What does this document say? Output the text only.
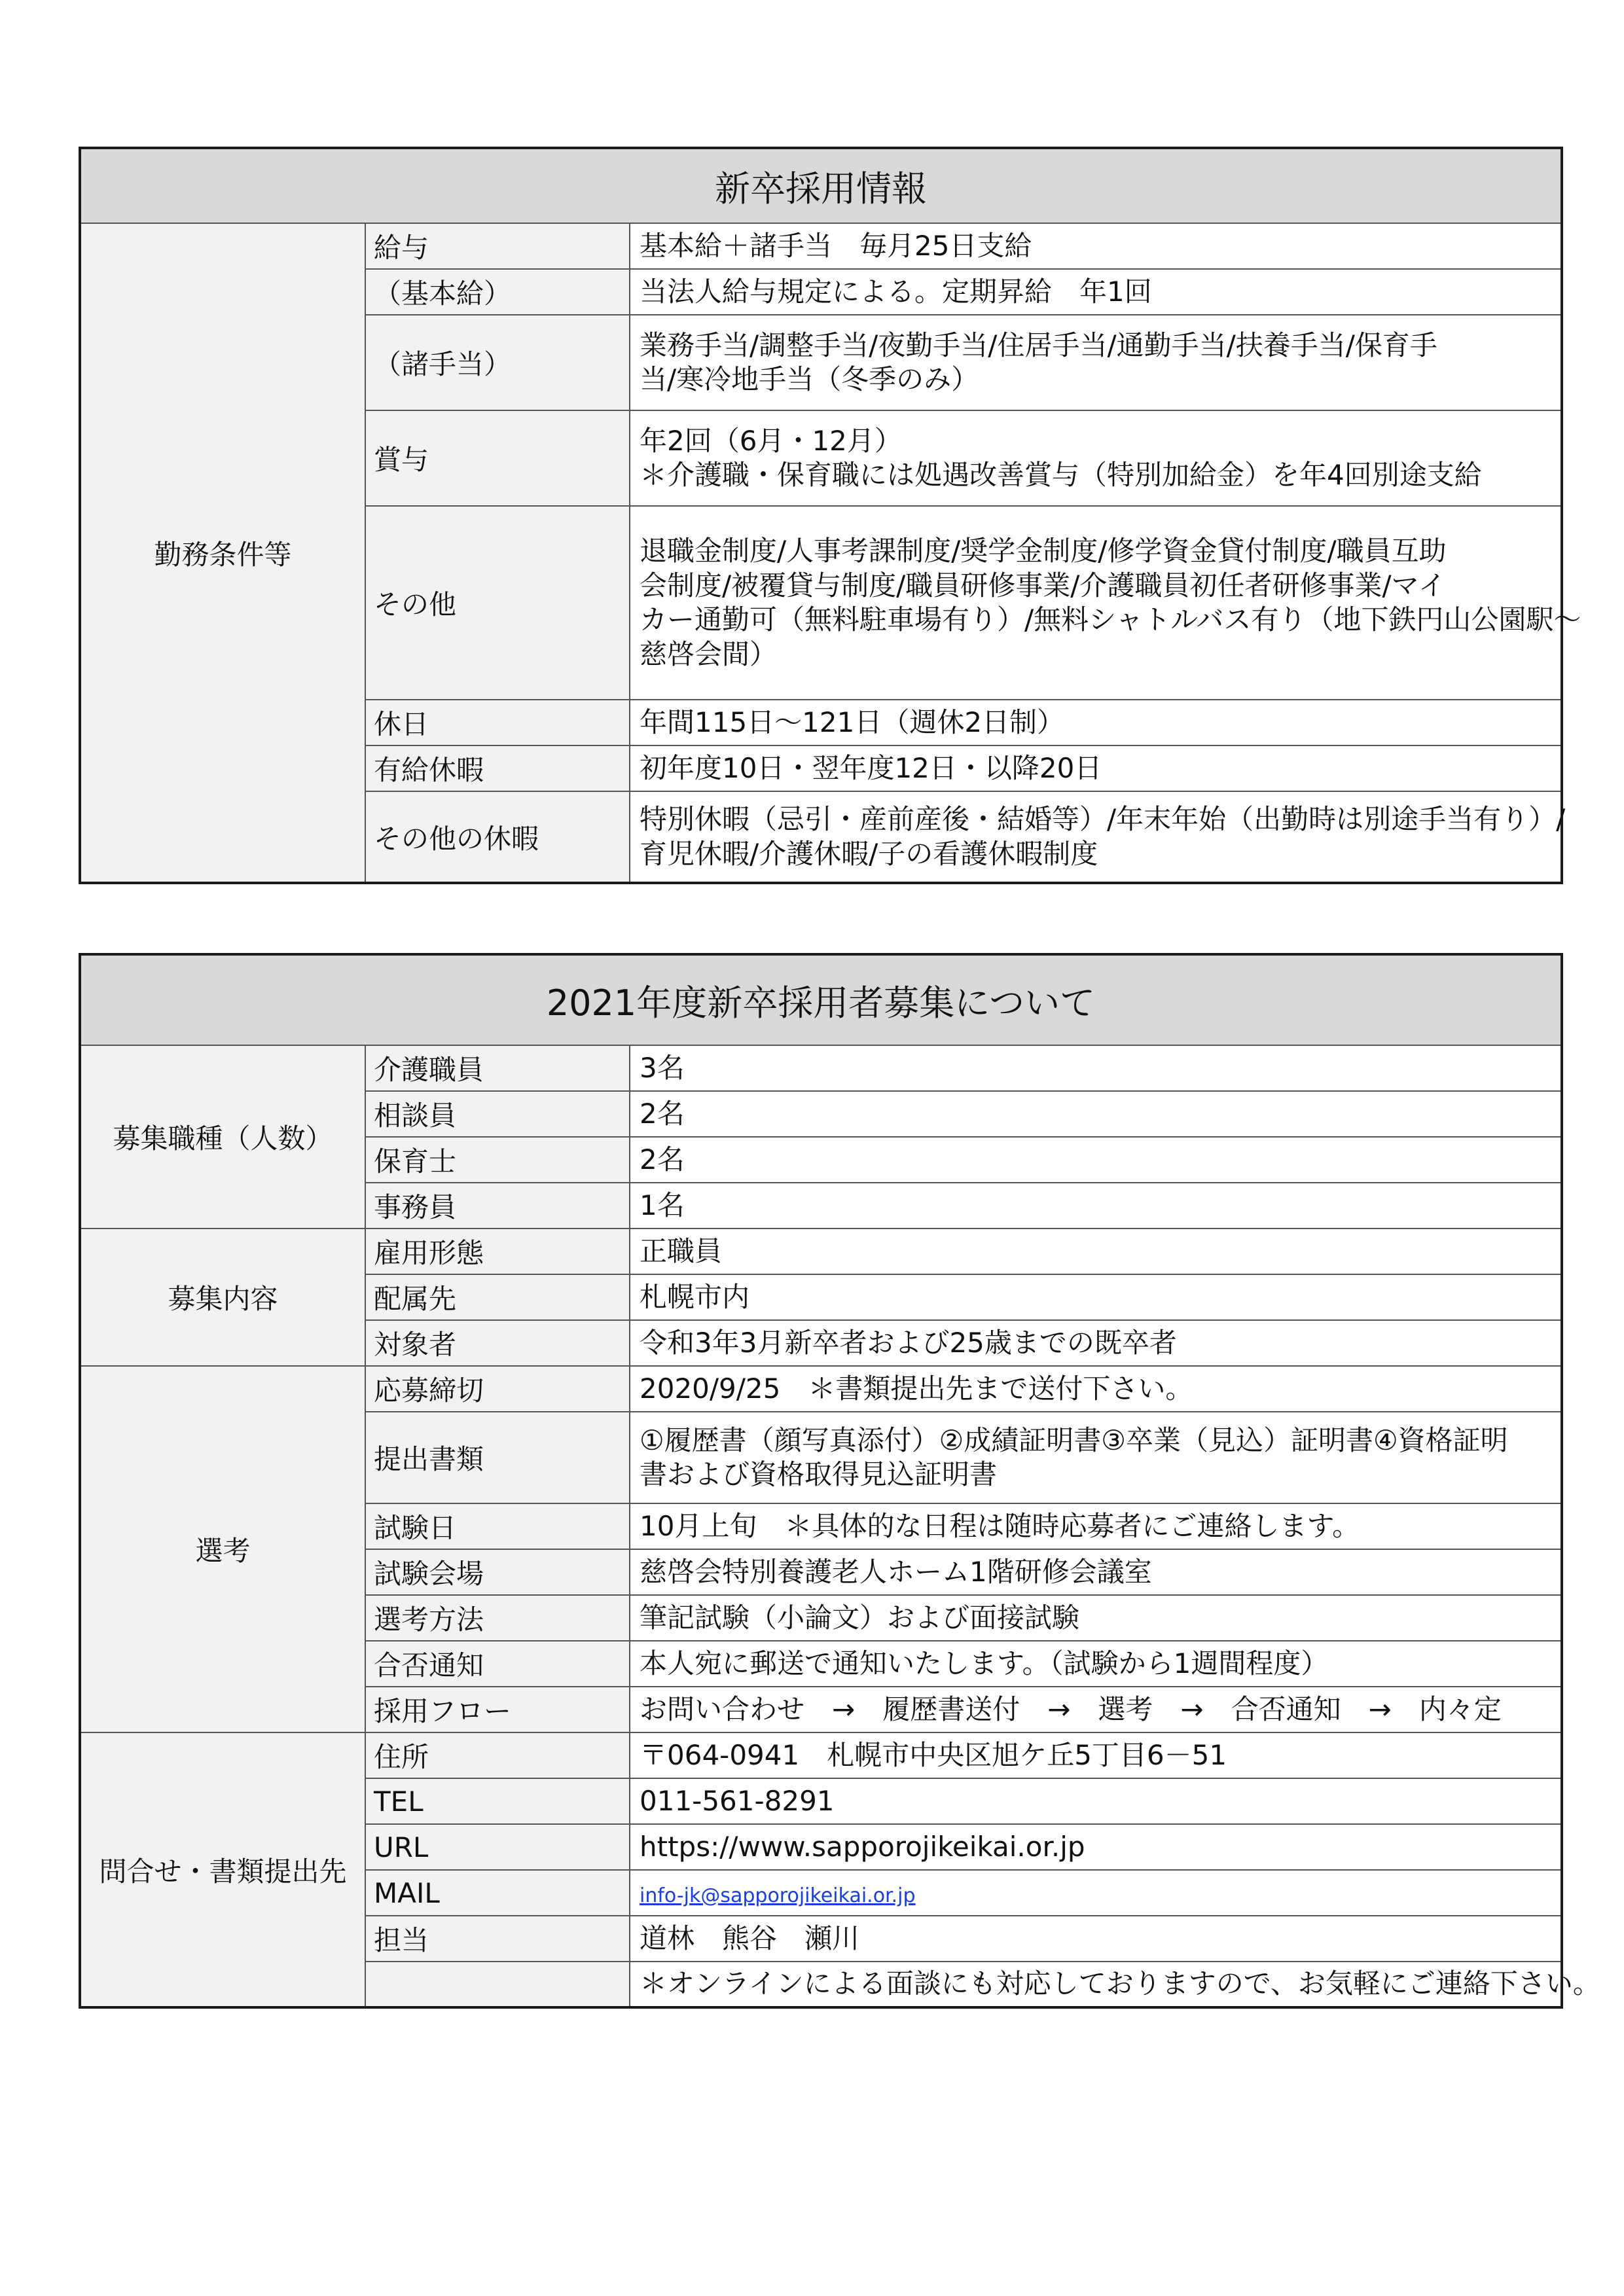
新卒採用情報		
勤務条件等	給与	基本給＋諸手当　毎月25日支給

	（基本給）	当法人給与規定による。定期昇給　年1回

	（諸手当）	業務手当/調整手当/夜勤手当/住居手当/通勤手当/扶養手当/保育手
当/寒冷地手当（冬季のみ）

	賞与	年2回（6月・12月）
＊介護職・保育職には処遇改善賞与（特別加給金）を年4回別途支給

	その他	退職金制度/人事考課制度/奨学金制度/修学資金貸付制度/職員互助
会制度/被覆貸与制度/職員研修事業/介護職員初任者研修事業/マイ
カー通勤可（無料駐車場有り）/無料シャトルバス有り（地下鉄円山公園駅〜
慈啓会間）

	休日	年間115日〜121日（週休2日制）

	有給休暇	初年度10日・翌年度12日・以降20日

	その他の休暇	特別休暇（忌引・産前産後・結婚等）/年末年始（出勤時は別途手当有り）/
育児休暇/介護休暇/子の看護休暇制度
2021年度新卒採用者募集について		
募集職種（人数）	介護職員	3名

	相談員	2名

	保育士	2名

	事務員	1名

募集内容	雇用形態	正職員

	配属先	札幌市内

	対象者	令和3年3月新卒者および25歳までの既卒者

選考	応募締切	2020/9/25　＊書類提出先まで送付下さい。

	提出書類	①履歴書（顔写真添付）②成績証明書③卒業（見込）証明書④資格証明
書および資格取得見込証明書

	試験日	10月上旬　＊具体的な日程は随時応募者にご連絡します。

	試験会場	慈啓会特別養護老人ホーム1階研修会議室

	選考方法	筆記試験（小論文）および面接試験

	合否通知	本人宛に郵送で通知いたします。（試験から1週間程度）

	採用フロー	お問い合わせ　→　履歴書送付　→　選考　→　合否通知　→　内々定

問合せ・書類提出先	住所	〒064-0941　札幌市中央区旭ケ丘5丁目6－51

	TEL	011-561-8291

	URL	https://www.sapporojikeikai.or.jp

	MAIL	info-jk@sapporojikeikai.or.jp
	担当	道林　熊谷　瀬川

		＊オンラインによる面談にも対応しておりますので、お気軽にご連絡下さい。
